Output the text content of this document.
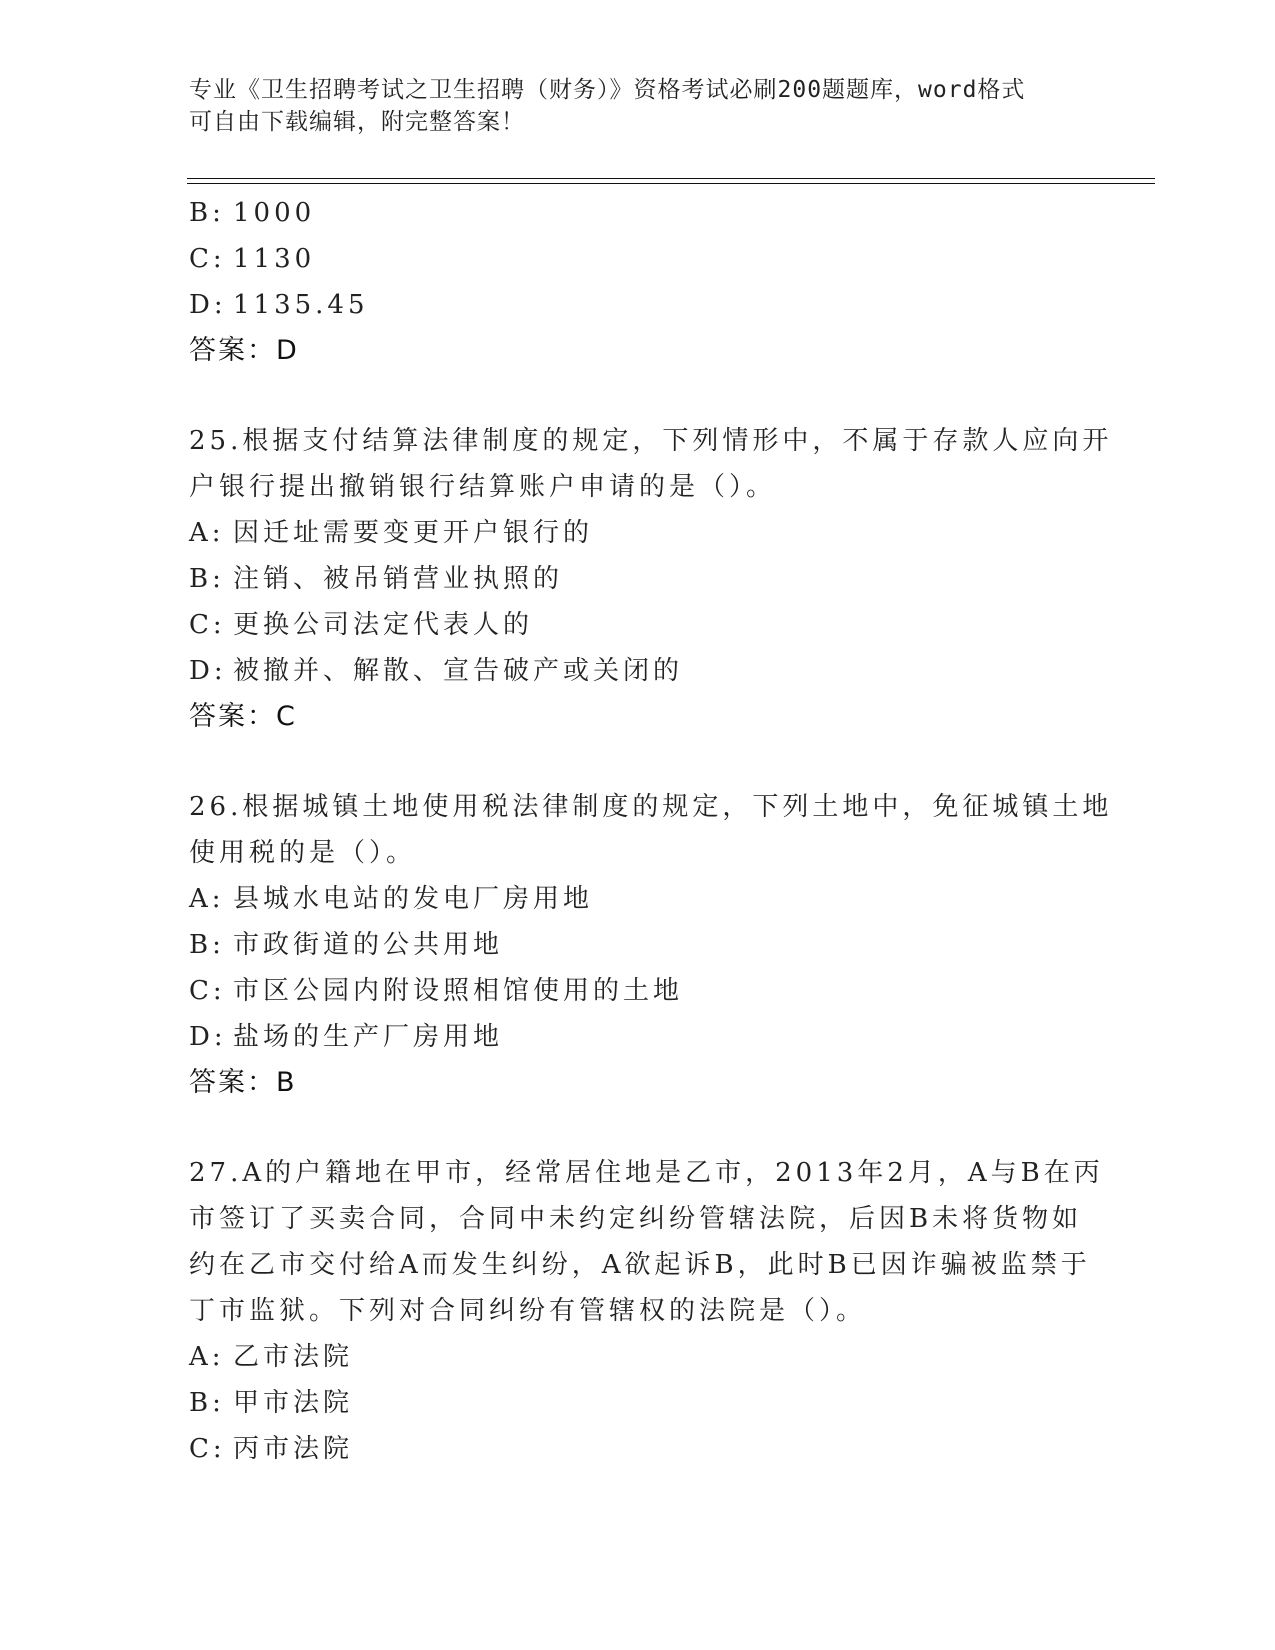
专业《卫生招聘考试之卫生招聘（财务）》资格考试必刷200题题库，word格式
可自由下载编辑，附完整答案！
B: 1000
C: 1130
D: 1135.45
答案：D
25.根据支付结算法律制度的规定，下列情形中，不属于存款人应向开
户银行提出撤销银行结算账户申请的是（）。
A: 因迁址需要变更开户银行的
B: 注销、被吊销营业执照的
C: 更换公司法定代表人的
D: 被撤并、解散、宣告破产或关闭的
答案：C
26.根据城镇土地使用税法律制度的规定，下列土地中，免征城镇土地
使用税的是（）。
A: 县城水电站的发电厂房用地
B: 市政街道的公共用地
C: 市区公园内附设照相馆使用的土地
D: 盐场的生产厂房用地
答案：B
27.A的户籍地在甲市，经常居住地是乙市，2013年2月，A与B在丙
市签订了买卖合同，合同中未约定纠纷管辖法院，后因B未将货物如
约在乙市交付给A而发生纠纷，A欲起诉B，此时B已因诈骗被监禁于
丁市监狱。下列对合同纠纷有管辖权的法院是（）。
A: 乙市法院
B: 甲市法院
C: 丙市法院
